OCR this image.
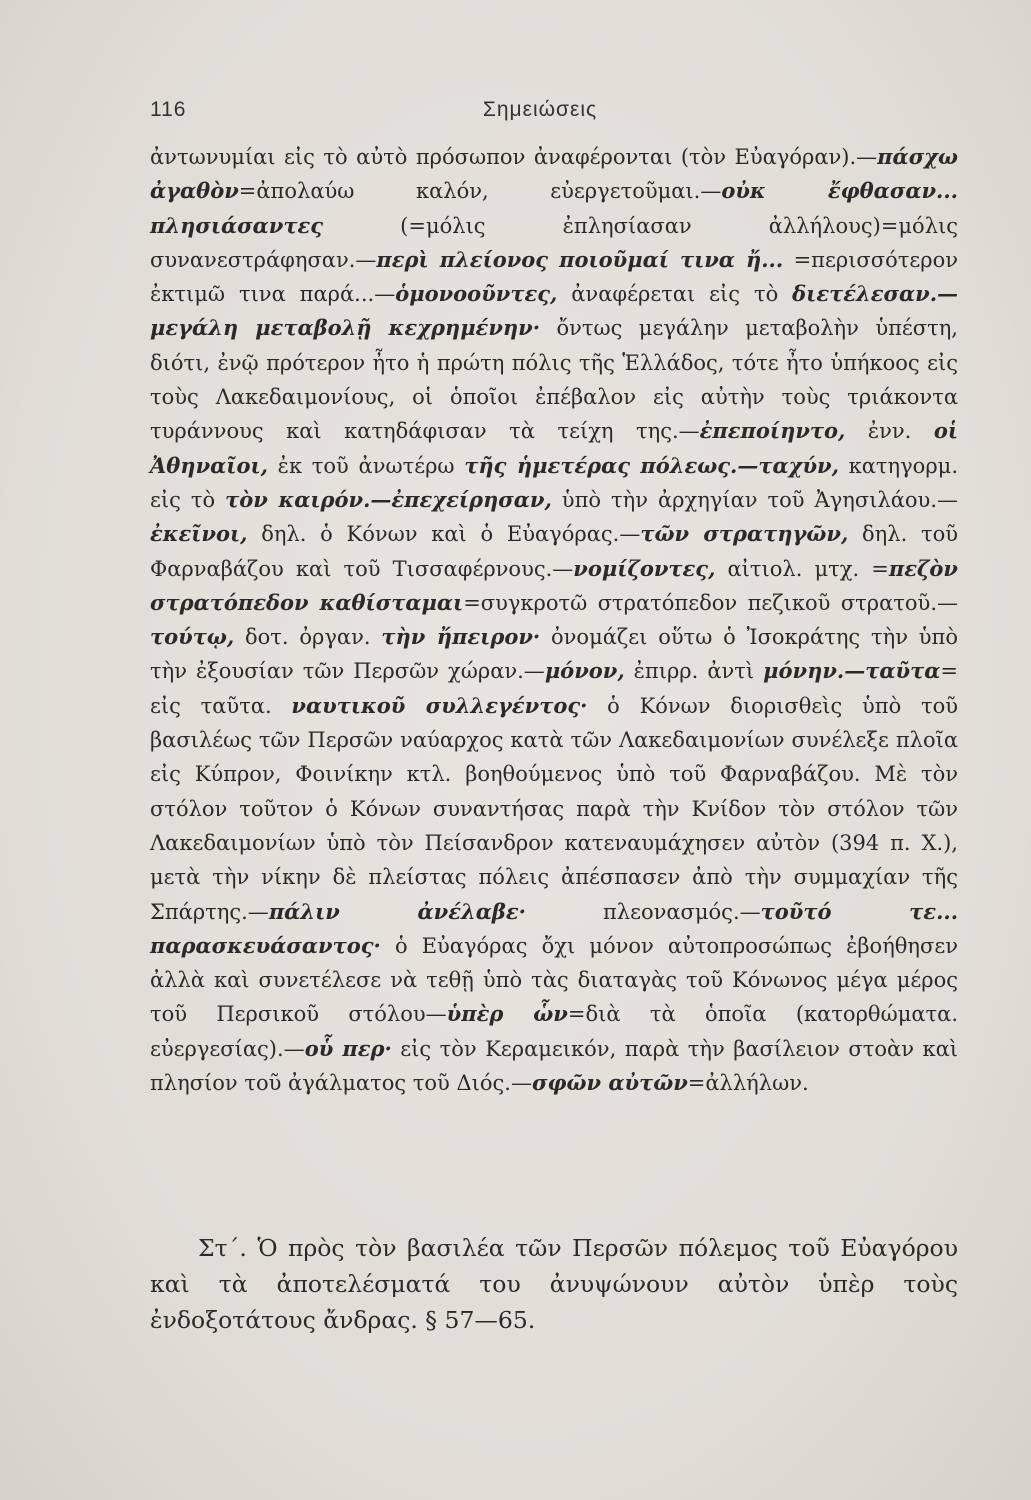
116	Σημειώσεις

ἀντωνυμίαι εἰς τὸ αὐτὸ πρόσωπον ἀναφέρονται (τὸν Εὐαγόραν).—πάσχω ἀγαθὸν=ἀπολαύω καλόν, εὐεργετοῦμαι.—οὐκ ἔφθασαν... πλησιάσαντες (=μόλις ἐπλησίασαν ἀλλήλους)=μόλις συνανεστράφησαν.—περὶ πλείονος ποιοῦμαί τινα ἤ... =περισσότερον ἐκτιμῶ τινα παρά...—ὁμονοοῦντες, ἀναφέρεται εἰς τὸ διετέλεσαν.—μεγάλη μεταβολῇ κεχρημένην· ὄντως μεγάλην μεταβολὴν ὑπέστη, διότι, ἐνῷ πρότερον ἦτο ἡ πρώτη πόλις τῆς Ἑλλάδος, τότε ἦτο ὑπήκοος εἰς τοὺς Λακεδαιμονίους, οἱ ὁποῖοι ἐπέβαλον εἰς αὐτὴν τοὺς τριάκοντα τυράννους καὶ κατηδάφισαν τὰ τείχη της.—ἐπεποίηντο, ἐνν. οἱ Ἀθηναῖοι, ἐκ τοῦ ἀνωτέρω τῆς ἡμετέρας πόλεως.—ταχύν, κατηγορμ. εἰς τὸ τὸν καιρόν.—ἐπεχείρησαν, ὑπὸ τὴν ἀρχηγίαν τοῦ Ἀγησιλάου.—ἐκεῖνοι, δηλ. ὁ Κόνων καὶ ὁ Εὐαγόρας.—τῶν στρατηγῶν, δηλ. τοῦ Φαρναβάζου καὶ τοῦ Τισσαφέρνους.—νομίζοντες, αἰτιολ. μτχ. =πεζὸν στρατόπεδον καθίσταμαι=συγκροτῶ στρατόπεδον πεζικοῦ στρατοῦ.—τούτῳ, δοτ. ὀργαν. τὴν ἤπειρον· ὀνομάζει οὕτω ὁ Ἰσοκράτης τὴν ὑπὸ τὴν ἐξουσίαν τῶν Περσῶν χώραν.—μόνον, ἐπιρρ. ἀντὶ μόνην.—ταῦτα= εἰς ταῦτα. ναυτικοῦ συλλεγέντος· ὁ Κόνων διορισθεὶς ὑπὸ τοῦ βασιλέως τῶν Περσῶν ναύαρχος κατὰ τῶν Λακεδαιμονίων συνέλεξε πλοῖα εἰς Κύπρον, Φοινίκην κτλ. βοηθούμενος ὑπὸ τοῦ Φαρναβάζου. Μὲ τὸν στόλον τοῦτον ὁ Κόνων συναντήσας παρὰ τὴν Κνίδον τὸν στόλον τῶν Λακεδαιμονίων ὑπὸ τὸν Πείσανδρον κατεναυμάχησεν αὐτὸν (394 π. Χ.), μετὰ τὴν νίκην δὲ πλείστας πόλεις ἀπέσπασεν ἀπὸ τὴν συμμαχίαν τῆς Σπάρτης.—πάλιν ἀνέλαβε· πλεονασμός.—τοῦτό τε... παρασκευάσαντος· ὁ Εὐαγόρας ὄχι μόνον αὐτοπροσώπως ἐβοήθησεν ἀλλὰ καὶ συνετέλεσε νὰ τεθῇ ὑπὸ τὰς διαταγὰς τοῦ Κόνωνος μέγα μέρος τοῦ Περσικοῦ στόλου—ὑπὲρ ὧν=διὰ τὰ ὁποῖα (κατορθώματα. εὐεργεσίας).—οὗ περ· εἰς τὸν Κεραμεικόν, παρὰ τὴν βασίλειον στοὰν καὶ πλησίον τοῦ ἀγάλματος τοῦ Διός.—σφῶν αὐτῶν=ἀλλήλων.

Στ΄. Ὁ πρὸς τὸν βασιλέα τῶν Περσῶν πόλεμος τοῦ Εὐαγόρου καὶ τὰ ἀποτελέσματά του ἀνυψώνουν αὐτὸν ὑπὲρ τοὺς ἐνδοξοτάτους ἄνδρας. § 57—65.
